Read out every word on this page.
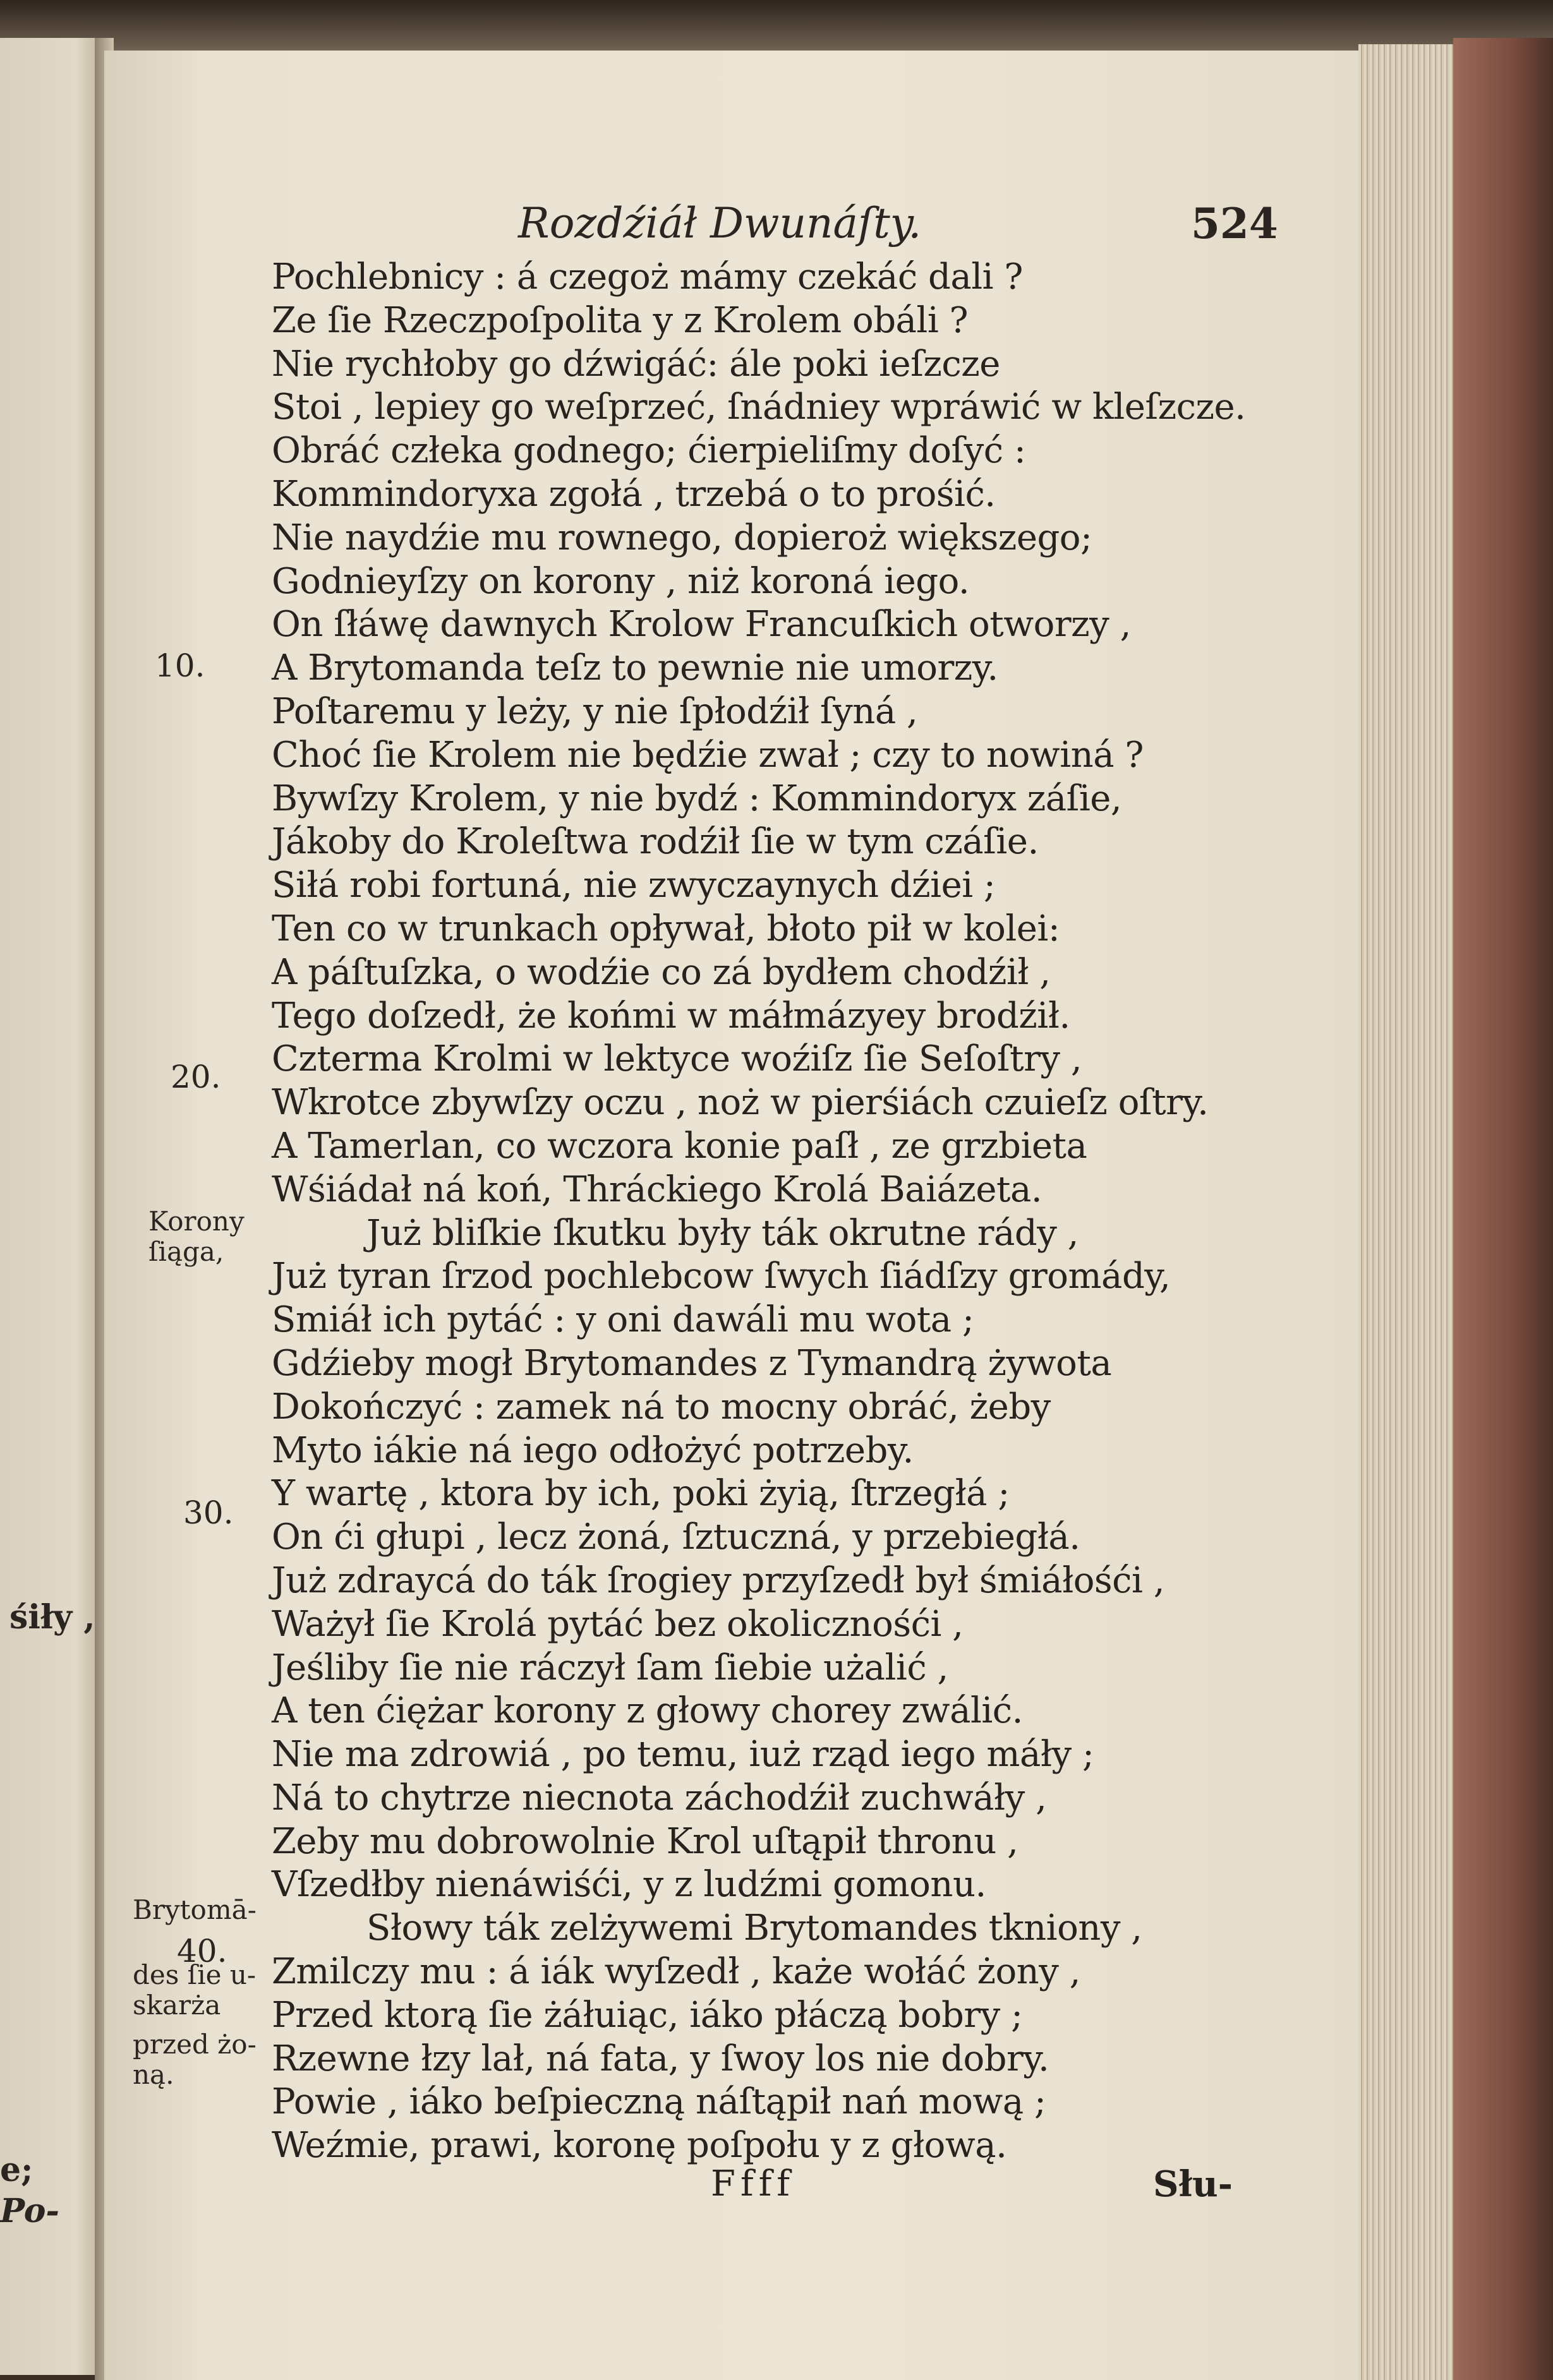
śiły ,
e;
Po-
Rozdźiáł Dwunáſty.	524
Pochlebnicy : á czegoż mámy czekáć dali ?
Ze ſie Rzeczpoſpolita y z Krolem obáli ?
Nie rychłoby go dźwigáć: ále poki ieſzcze
Stoi , lepiey go weſprzeć, ſnádniey wpráwić w kleſzcze.
Obráć człeka godnego; ćierpieliſmy doſyć :
Kommindoryxa zgołá , trzebá o to prośić.
Nie naydźie mu rownego, dopieroż większego;
Godnieyſzy on korony , niż koroná iego.
On ſłáwę dawnych Krolow Francuſkich otworzy ,
A Brytomanda teſz to pewnie nie umorzy.
Poſtaremu y leży, y nie ſpłodźił ſyná ,
Choć ſie Krolem nie będźie zwał ; czy to nowiná ?
Bywſzy Krolem, y nie bydź : Kommindoryx záſie,
Jákoby do Kroleſtwa rodźił ſie w tym czáſie.
Siłá robi fortuná, nie zwyczaynych dźiei ;
Ten co w trunkach opływał, błoto pił w kolei:
A páſtuſzka, o wodźie co zá bydłem chodźił ,
Tego doſzedł, że końmi w máłmázyey brodźił.
Czterma Krolmi w lektyce woźiſz ſie Seſoſtry ,
Wkrotce zbywſzy oczu , noż w pierśiách czuieſz oſtry.
A Tamerlan, co wczora konie paſł , ze grzbieta
Wśiádał ná koń, Thráckiego Krolá Baiázeta.
Już bliſkie ſkutku były ták okrutne rády ,
Już tyran ſrzod pochlebcow ſwych ſiádſzy gromády,
Smiáł ich pytáć : y oni dawáli mu wota ;
Gdźieby mogł Brytomandes z Tymandrą żywota
Dokończyć : zamek ná to mocny obráć, żeby
Myto iákie ná iego odłożyć potrzeby.
Y wartę , ktora by ich, poki żyią, ſtrzegłá ;
On ći głupi , lecz żoná, ſztuczná, y przebiegłá.
Już zdraycá do ták ſrogiey przyſzedł był śmiáłośći ,
Ważył ſie Krolá pytáć bez okolicznośći ,
Jeśliby ſie nie ráczył ſam ſiebie użalić ,
A ten ćiężar korony z głowy chorey zwálić.
Nie ma zdrowiá , po temu, iuż rząd iego máły ;
Ná to chytrze niecnota záchodźił zuchwáły ,
Zeby mu dobrowolnie Krol uſtąpił thronu ,
Vſzedłby nienáwiśći, y z ludźmi gomonu.
Słowy ták zelżywemi Brytomandes tkniony ,
Zmilczy mu : á iák wyſzedł , każe wołáć żony ,
Przed ktorą ſie żáłuiąc, iáko płáczą bobry ;
Rzewne łzy lał, ná fata, y ſwoy los nie dobry.
Powie , iáko beſpieczną náſtąpił nań mową ;
Weźmie, prawi, koronę poſpołu y z głową.
10.
20.
30.
40.
Korony
ſiąga,
Brytomā-
des ſie u-
skarża
przed żo-
ną.
Ffff	Słu-
